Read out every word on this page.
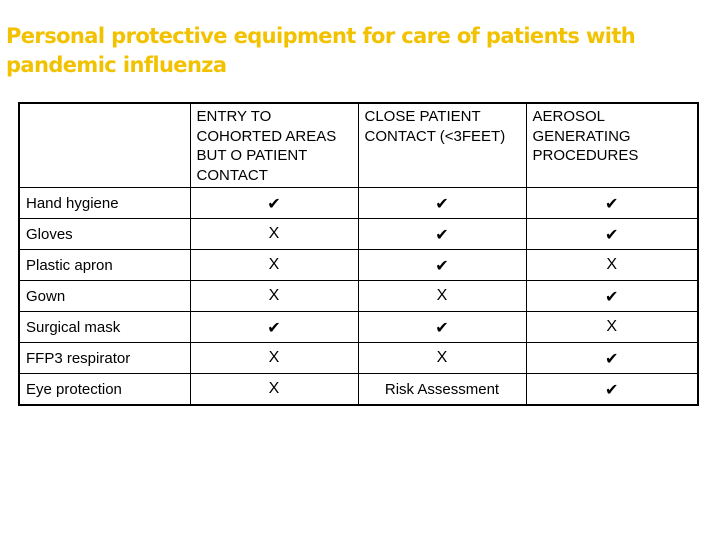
Personal protective equipment for care of patients with pandemic influenza
	ENTRY TO COHORTED AREAS BUT O PATIENT CONTACT	CLOSE PATIENT CONTACT (<3FEET)	AEROSOL GENERATING PROCEDURES
Hand hygiene	✔	✔	✔
Gloves	X	✔	✔
Plastic apron	X	✔	X
Gown	X	X	✔
Surgical mask	✔	✔	X
FFP3 respirator	X	X	✔
Eye protection	X	Risk Assessment	✔
